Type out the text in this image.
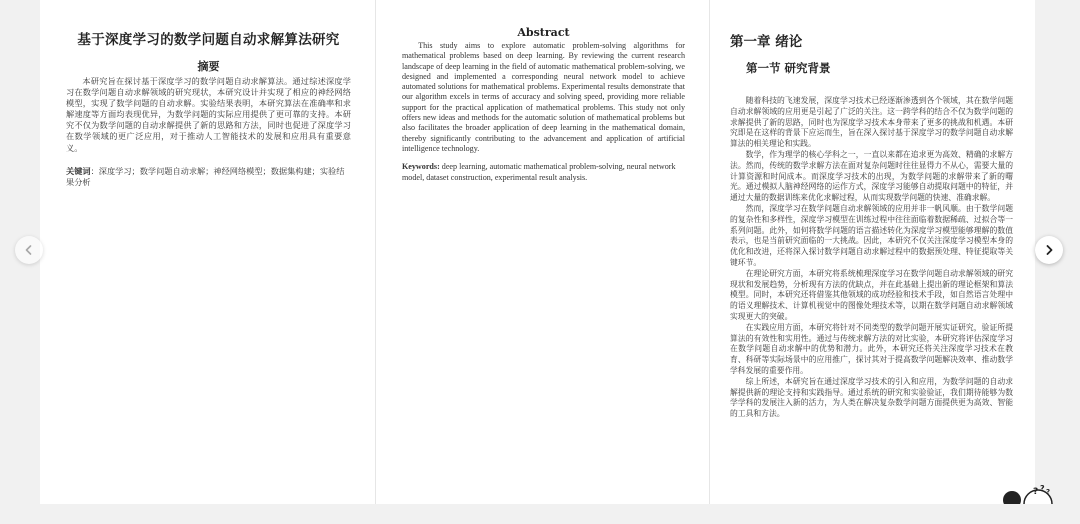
基于深度学习的数学问题自动求解算法研究
摘要

本研究旨在探讨基于深度学习的数学问题自动求解算法。通过综述深度学习在数学问题自动求解领域的研究现状，本研究设计并实现了相应的神经网络模型，实现了数学问题的自动求解。实验结果表明，本研究算法在准确率和求解速度等方面均表现优异，为数学问题的实际应用提供了更可靠的支持。本研究不仅为数学问题的自动求解提供了新的思路和方法，同时也促进了深度学习在数学领域的更广泛应用，对于推动人工智能技术的发展和应用具有重要意义。

关键词：深度学习；数学问题自动求解；神经网络模型；数据集构建；实验结果分析

Abstract

This study aims to explore automatic problem-solving algorithms for mathematical problems based on deep learning. By reviewing the current research landscape of deep learning in the field of automatic mathematical problem-solving, we designed and implemented a corresponding neural network model to achieve automated solutions for mathematical problems. Experimental results demonstrate that our algorithm excels in terms of accuracy and solving speed, providing more reliable support for the practical application of mathematical problems. This study not only offers new ideas and methods for the automatic solution of mathematical problems but also facilitates the broader application of deep learning in the mathematical domain, thereby significantly contributing to the advancement and application of artificial intelligence technology.

Keywords: deep learning, automatic mathematical problem-solving, neural network model, dataset construction, experimental result analysis.

第一章 绪论
第一节 研究背景

随着科技的飞速发展，深度学习技术已经逐渐渗透到各个领域，其在数学问题自动求解领域的应用更是引起了广泛的关注。这一跨学科的结合不仅为数学问题的求解提供了新的思路，同时也为深度学习技术本身带来了更多的挑战和机遇。本研究即是在这样的背景下应运而生，旨在深入探讨基于深度学习的数学问题自动求解算法的相关理论和实践。

数学，作为理学的核心学科之一，一直以来都在追求更为高效、精确的求解方法。然而，传统的数学求解方法在面对复杂问题时往往显得力不从心，需要大量的计算资源和时间成本。而深度学习技术的出现，为数学问题的求解带来了新的曙光。通过模拟人脑神经网络的运作方式，深度学习能够自动提取问题中的特征，并通过大量的数据训练来优化求解过程，从而实现数学问题的快速、准确求解。

然而，深度学习在数学问题自动求解领域的应用并非一帆风顺。由于数学问题的复杂性和多样性，深度学习模型在训练过程中往往面临着数据稀疏、过拟合等一系列问题。此外，如何将数学问题的语言描述转化为深度学习模型能够理解的数值表示，也是当前研究面临的一大挑战。因此，本研究不仅关注深度学习模型本身的优化和改进，还将深入探讨数学问题自动求解过程中的数据预处理、特征提取等关键环节。

在理论研究方面，本研究将系统梳理深度学习在数学问题自动求解领域的研究现状和发展趋势，分析现有方法的优缺点，并在此基础上提出新的理论框架和算法模型。同时，本研究还将借鉴其他领域的成功经验和技术手段，如自然语言处理中的语义理解技术、计算机视觉中的图像处理技术等，以期在数学问题自动求解领域实现更大的突破。

在实践应用方面，本研究将针对不同类型的数学问题开展实证研究，验证所提算法的有效性和实用性。通过与传统求解方法的对比实验，本研究将评估深度学习在数学问题自动求解中的优势和潜力。此外，本研究还将关注深度学习技术在教育、科研等实际场景中的应用推广，探讨其对于提高数学问题解决效率、推动数学学科发展的重要作用。

综上所述，本研究旨在通过深度学习技术的引入和应用，为数学问题的自动求解提供新的理论支持和实践指导。通过系统的研究和实验验证，我们期待能够为数学学科的发展注入新的活力，为人类在解决复杂数学问题方面提供更为高效、智能的工具和方法。

? ? ?
